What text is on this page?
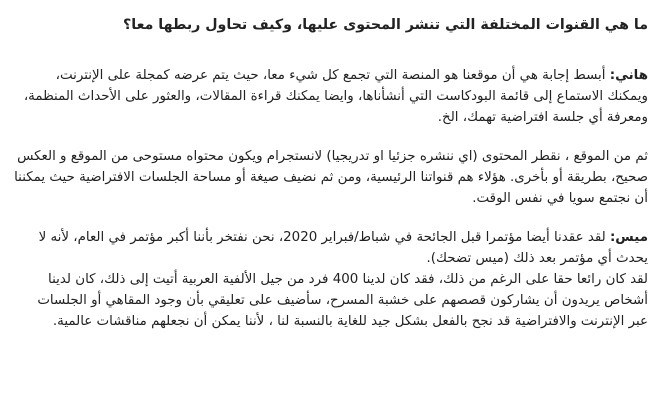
ما هي القنوات المختلفة التي تنشر المحتوى عليها، وكيف تحاول ربطها معا؟

هاني: أبسط إجابة هي أن موقعنا هو المنصة التي تجمع كل شيء معا، حيث يتم عرضه كمجلة على الإنترنت، ويمكنك الاستماع إلى قائمة البودكاست التي أنشأناها، وايضا يمكنك قراءة المقالات، والعثور على الأحداث المنظمة، ومعرفة أي جلسة افتراضية تهمك، الخ.

ثم من الموقع ، نقطر المحتوى (اي ننشره جزئيا او تدريجيا) لانستجرام ويكون محتواه مستوحى من الموقع و العكس صحيح، بطريقة أو بأخرى. هؤلاء هم قنواتنا الرئيسية، ومن ثم نضيف صيغة أو مساحة الجلسات الافتراضية حيث يمكننا أن نجتمع سويا في نفس الوقت.

ميس: لقد عقدنا أيضا مؤتمرا قبل الجائحة في شباط/فبراير 2020، نحن نفتخر بأننا أكبر مؤتمر في العام، لأنه لا يحدث أي مؤتمر بعد ذلك (ميس تضحك).

لقد كان رائعا حقا على الرغم من ذلك، فقد كان لدينا 400 فرد من جيل الألفية العربية أتيت إلى ذلك، كان لدينا أشخاص يريدون أن يشاركون قصصهم على خشبة المسرح، سأضيف على تعليقي بأن وجود المقاهي أو الجلسات عبر الإنترنت والافتراضية قد نجح بالفعل بشكل جيد للغاية بالنسبة لنا ، لأننا يمكن أن نجعلهم مناقشات عالمية.
